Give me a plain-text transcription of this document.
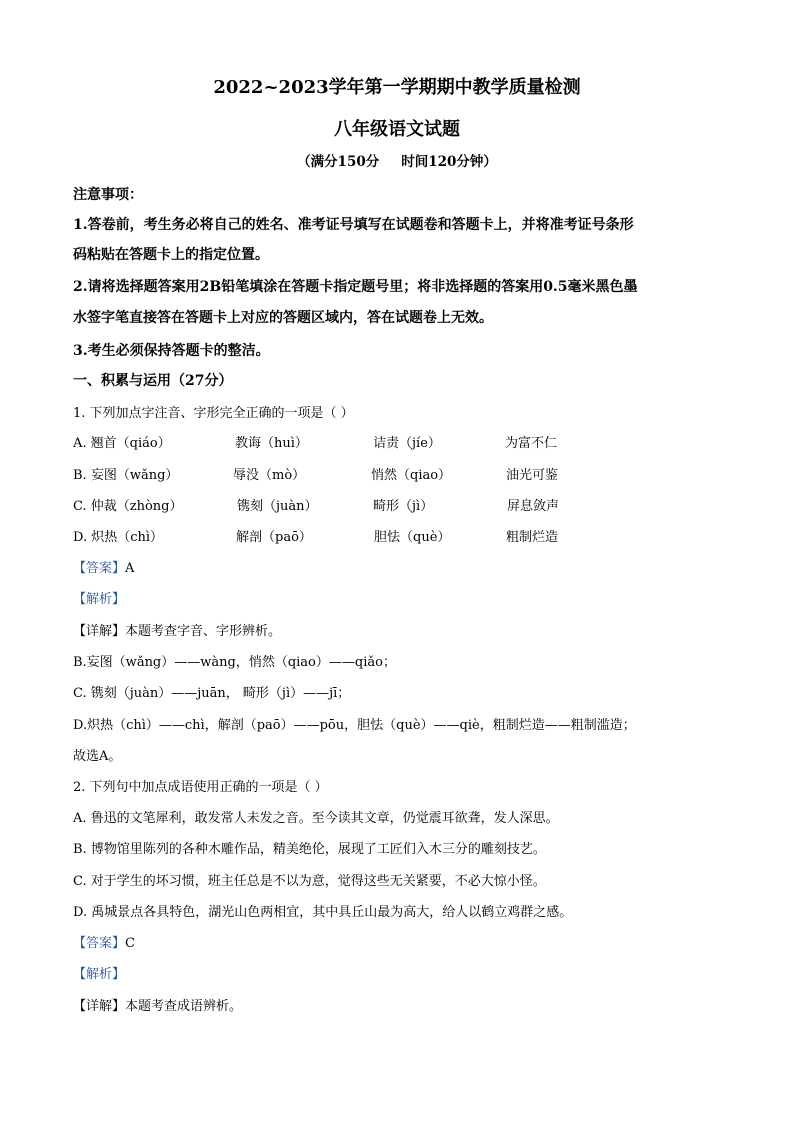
2022~2023学年第一学期期中教学质量检测
八年级语文试题
（满分150分 时间120分钟）
注意事项：
1.答卷前，考生务必将自己的姓名、准考证号填写在试题卷和答题卡上，并将准考证号条形
码粘贴在答题卡上的指定位置。
2.请将选择题答案用2B铅笔填涂在答题卡指定题号里；将非选择题的答案用0.5毫米黑色墨
水签字笔直接答在答题卡上对应的答题区域内，答在试题卷上无效。
3.考生必须保持答题卡的整洁。
一、积累与运用（27分）
1. 下列加点字注音、字形完全正确的一项是（ ）
A. 翘首（qiáo）	教诲（huì）	诘责（jíe）	为富不仁
B. 妄图（wǎng）	辱没（mò）	悄然（qiao）	油光可鉴
C. 仲裁（zhòng）	镌刻（juàn）	畸形（jì）	屏息敛声
D. 炽热（chì）	解剖（paō）	胆怯（què）	粗制烂造
【答案】A
【解析】
【详解】本题考查字音、字形辨析。
B.妄图（wǎng）——wàng，悄然（qiao）——qiǎo；
C. 镌刻（juàn）——juān， 畸形（jì）——jī；
D.炽热（chì）——chì，解剖（paō）——pōu，胆怯（què）——qiè，粗制烂造——粗制滥造；
故选A。
2. 下列句中加点成语使用正确的一项是（ ）
A. 鲁迅的文笔犀利，敢发常人未发之音。至今读其文章，仍觉震耳欲聋，发人深思。
B. 博物馆里陈列的各种木雕作品，精美绝伦，展现了工匠们入木三分的雕刻技艺。
C. 对于学生的坏习惯，班主任总是不以为意，觉得这些无关紧要，不必大惊小怪。
D. 禹城景点各具特色，湖光山色两相宜，其中具丘山最为高大，给人以鹤立鸡群之感。
【答案】C
【解析】
【详解】本题考查成语辨析。
